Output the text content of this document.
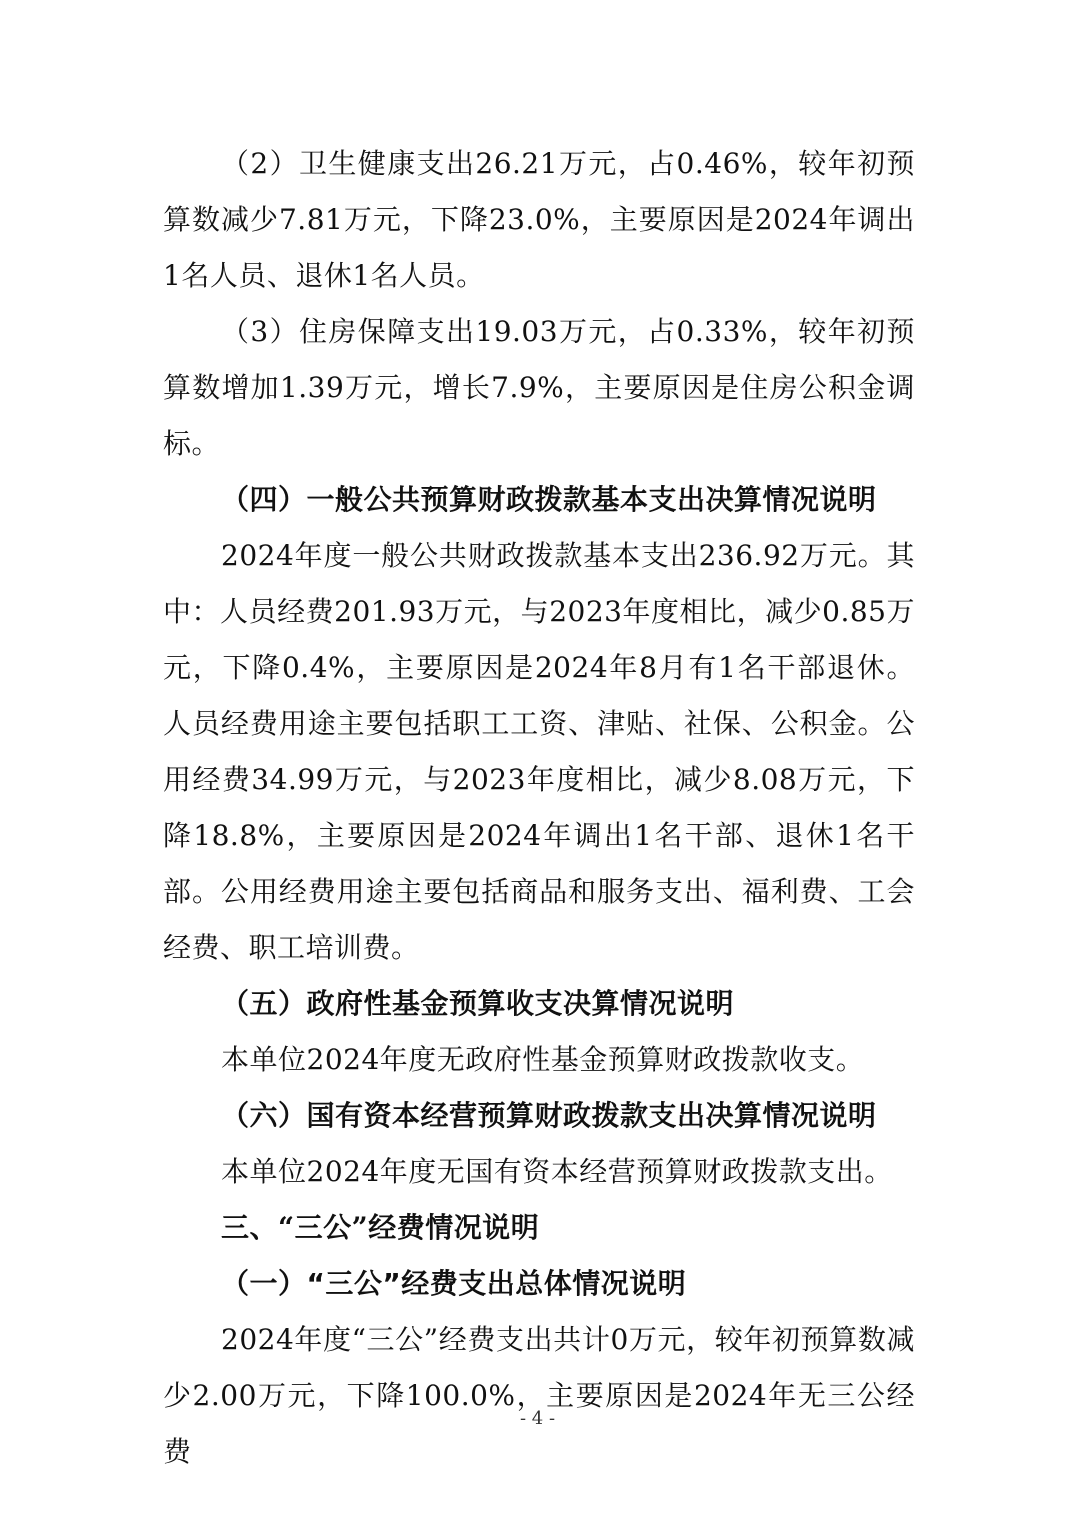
（2）卫生健康支出26.21万元，占0.46%，较年初预算数减少7.81万元，下降23.0%，主要原因是2024年调出1名人员、退休1名人员。

（3）住房保障支出19.03万元，占0.33%，较年初预算数增加1.39万元，增长7.9%，主要原因是住房公积金调标。

（四）一般公共预算财政拨款基本支出决算情况说明

2024年度一般公共财政拨款基本支出236.92万元。其中：人员经费201.93万元，与2023年度相比，减少0.85万元，下降0.4%，主要原因是2024年8月有1名干部退休。人员经费用途主要包括职工工资、津贴、社保、公积金。公用经费34.99万元，与2023年度相比，减少8.08万元，下降18.8%，主要原因是2024年调出1名干部、退休1名干部。公用经费用途主要包括商品和服务支出、福利费、工会经费、职工培训费。

（五）政府性基金预算收支决算情况说明

本单位2024年度无政府性基金预算财政拨款收支。

（六）国有资本经营预算财政拨款支出决算情况说明

本单位2024年度无国有资本经营预算财政拨款支出。

三、“三公”经费情况说明

（一）“三公”经费支出总体情况说明

2024年度“三公”经费支出共计0万元，较年初预算数减少2.00万元，下降100.0%，主要原因是2024年无三公经费

- 4 -
